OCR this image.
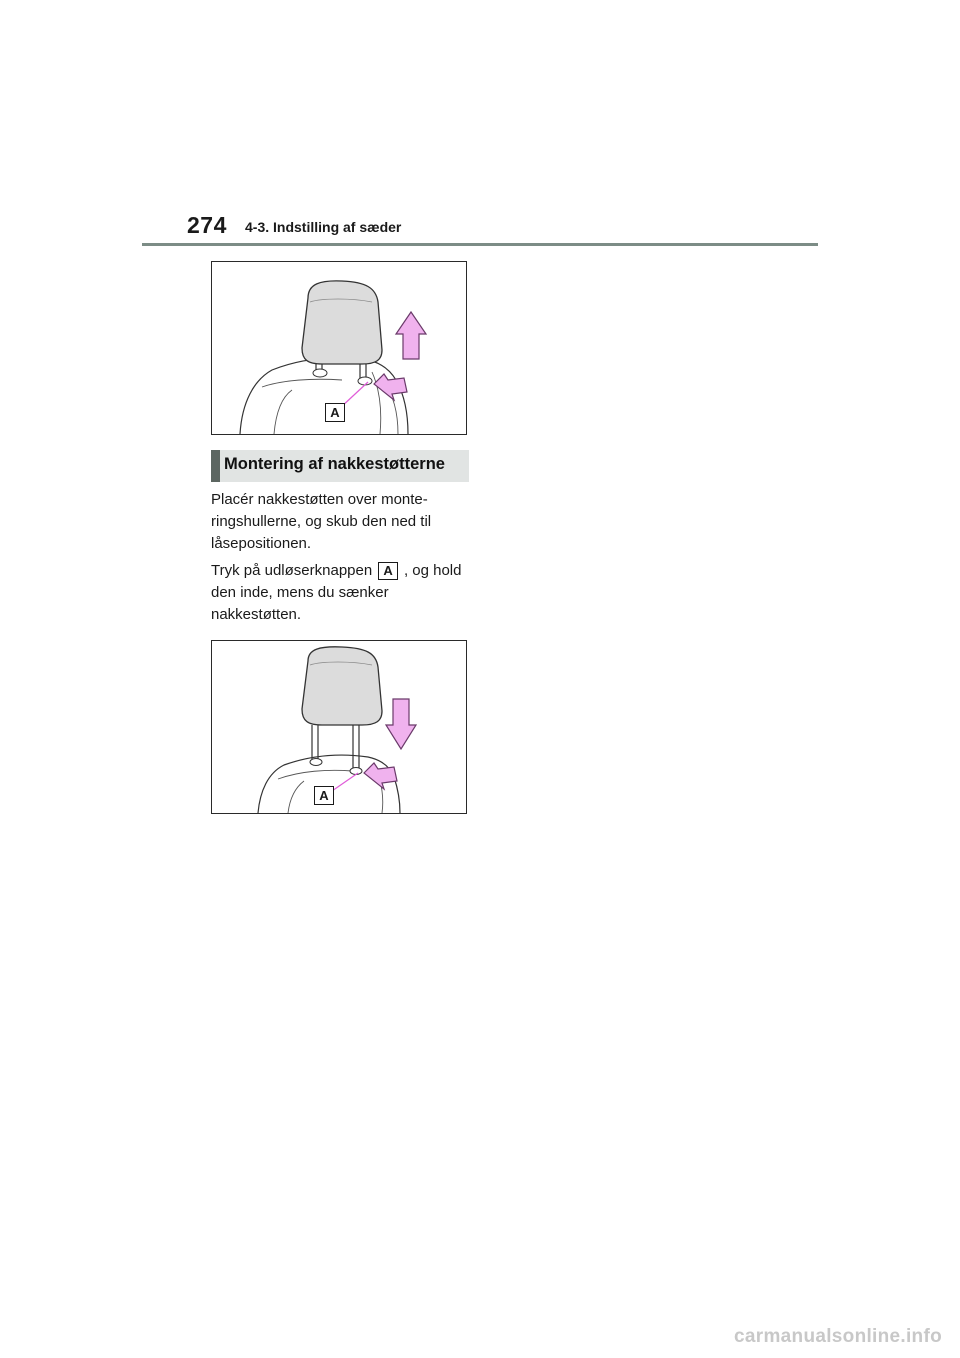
274 4-3. Indstilling af sæder
A
Montering af nakkestøtterne
Placér nakkestøtten over monte-ringshullerne, og skub den ned til låsepositionen.
Tryk på udløserknappen A , og hold den inde, mens du sænker nakkestøtten.
A
carmanualsonline.info
